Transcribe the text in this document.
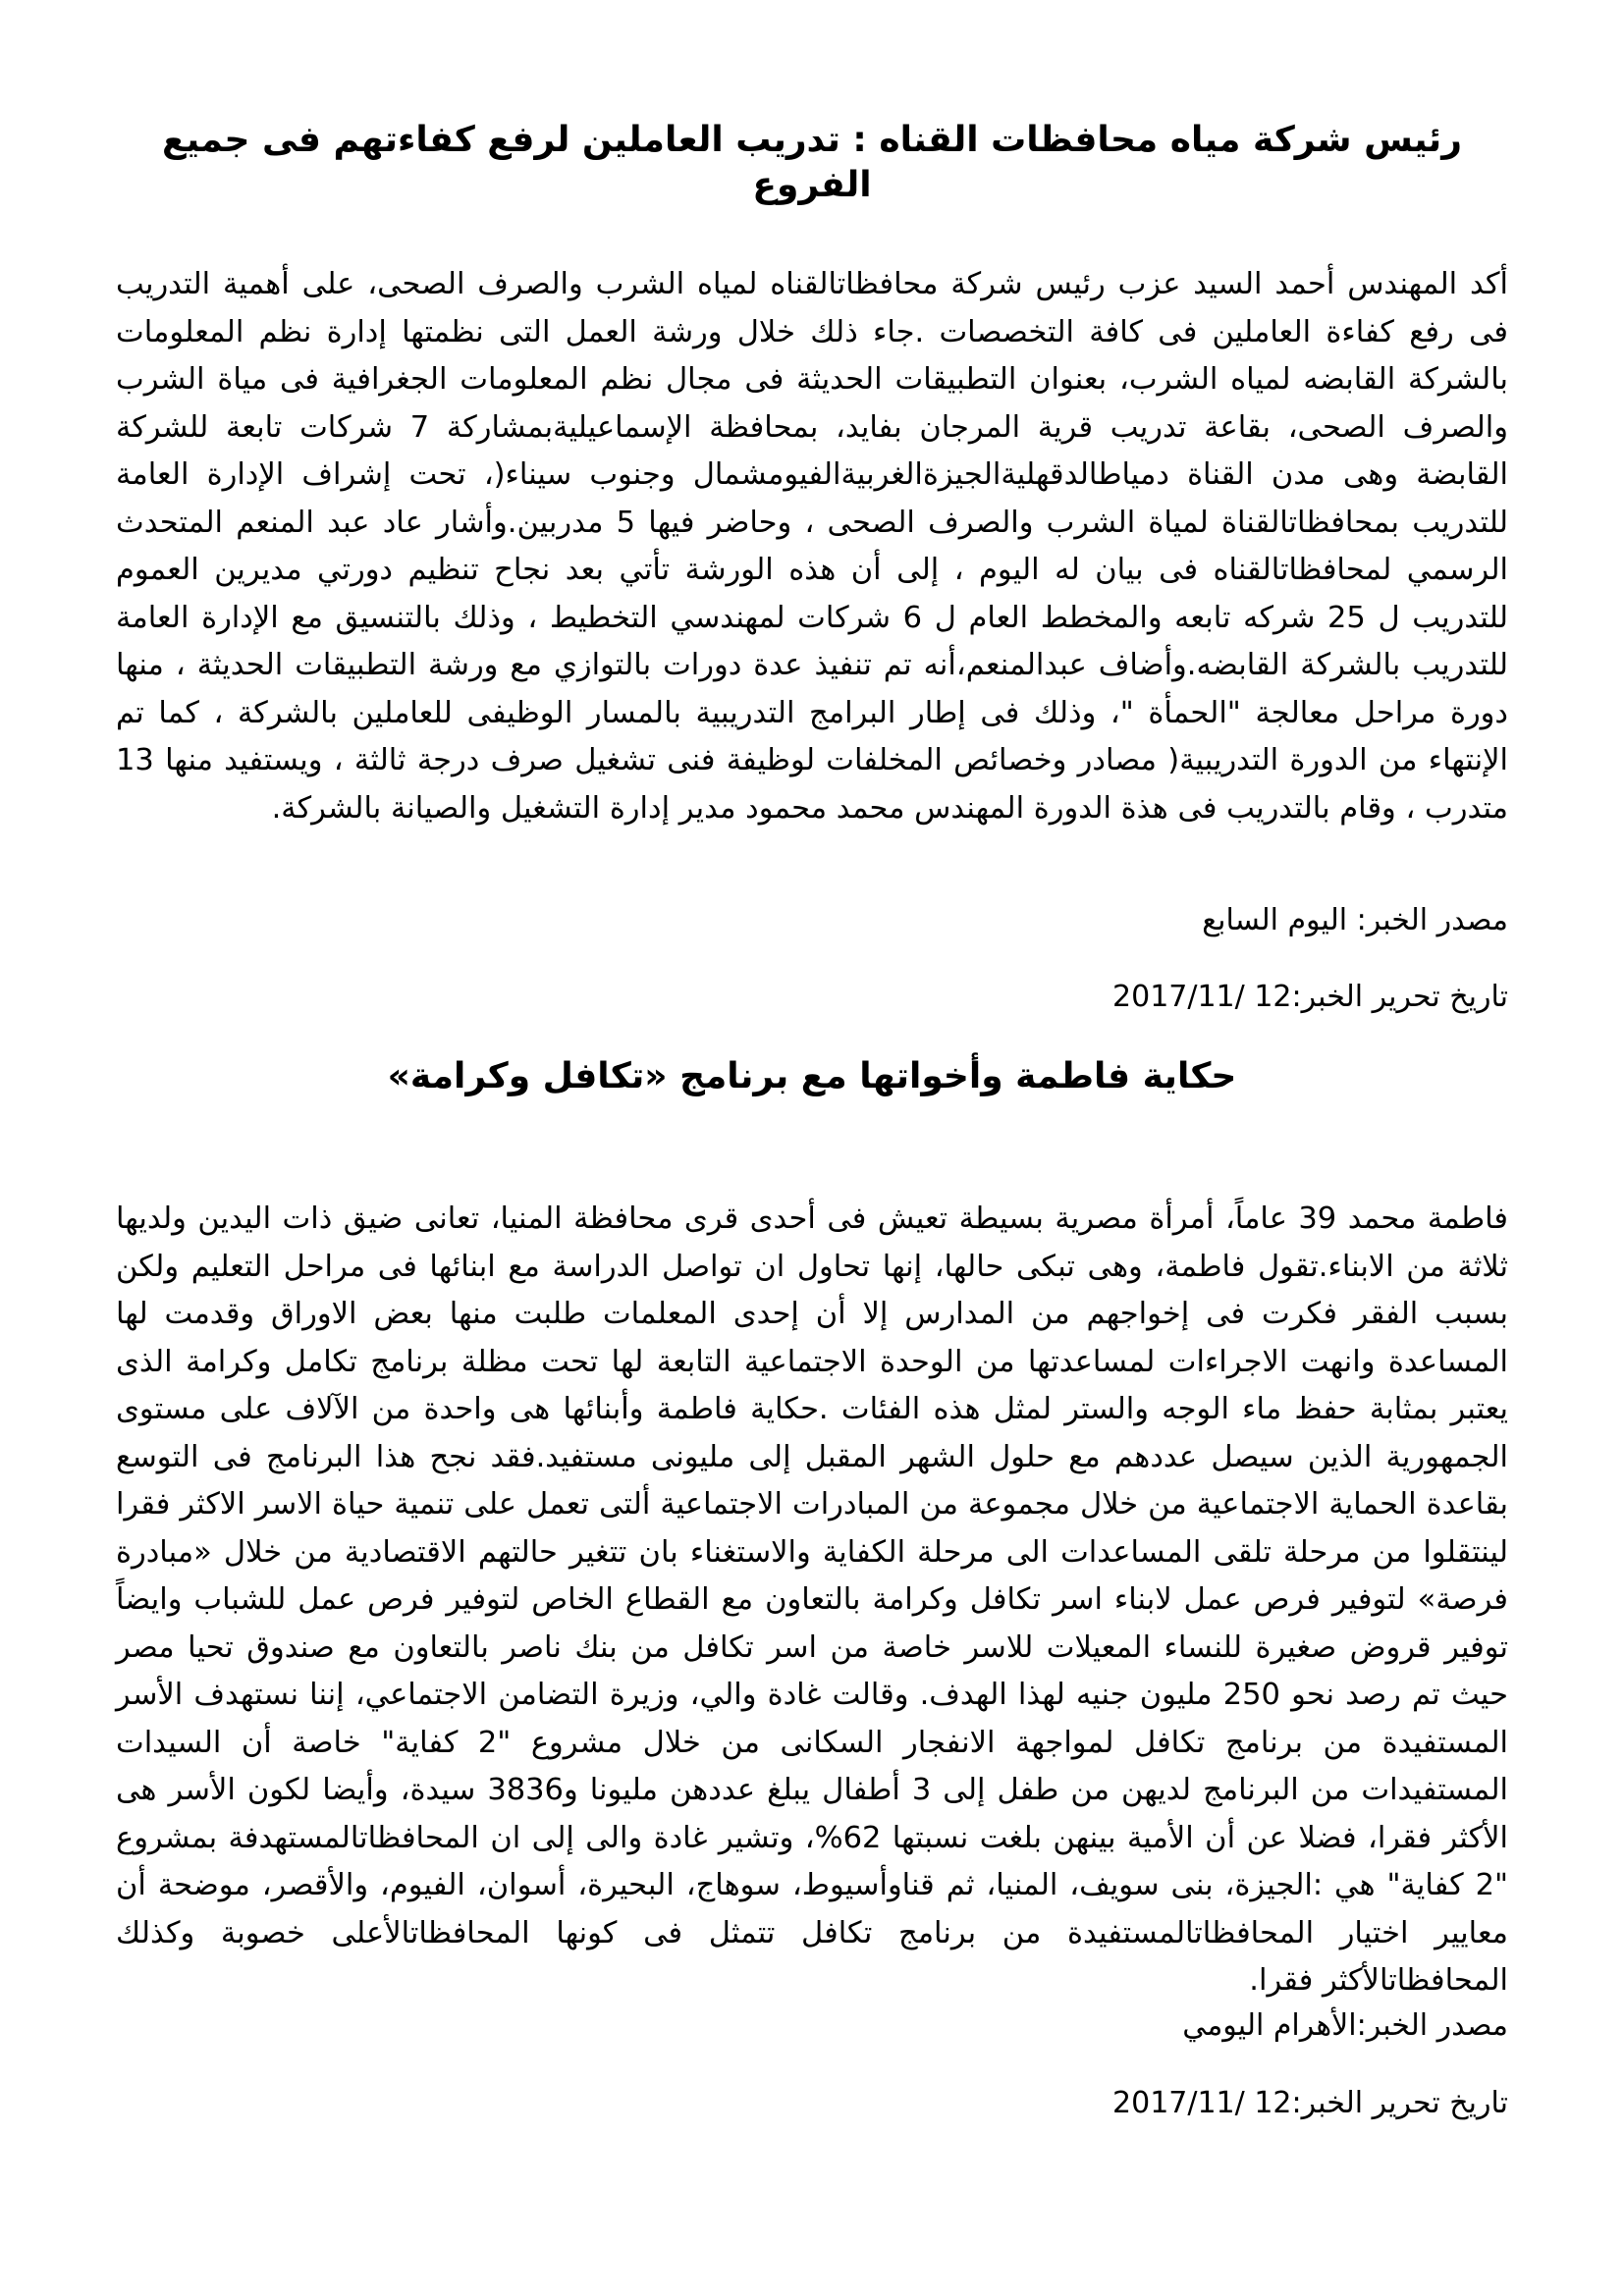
رئيس شركة مياه محافظات القناه : تدريب العاملين لرفع كفاءتهم فى جميع الفروع

أكد المهندس أحمد السيد عزب رئيس شركة محافظاتالقناه لمياه الشرب والصرف الصحى، على أهمية التدريب فى رفع كفاءة العاملين فى كافة التخصصات .جاء ذلك خلال ورشة العمل التى نظمتها إدارة نظم المعلومات بالشركة القابضه لمياه الشرب، بعنوان التطبيقات الحديثة فى مجال نظم المعلومات الجغرافية فى مياة الشرب والصرف الصحى، بقاعة تدريب قرية المرجان بفايد، بمحافظة الإسماعيليةبمشاركة 7 شركات تابعة للشركة القابضة وهى مدن القناة دمياطالدقهليةالجيزةالغربيةالفيومشمال وجنوب سيناء(، تحت إشراف الإدارة العامة للتدريب بمحافظاتالقناة لمياة الشرب والصرف الصحى ، وحاضر فيها 5 مدربين.وأشار عاد عبد المنعم المتحدث الرسمي لمحافظاتالقناه فى بيان له اليوم ، إلى أن هذه الورشة تأتي بعد نجاح تنظيم دورتي مديرين العموم للتدريب ل 25 شركه تابعه والمخطط العام ل 6 شركات لمهندسي التخطيط ، وذلك بالتنسيق مع الإدارة العامة للتدريب بالشركة القابضه.وأضاف عبدالمنعم،أنه تم تنفيذ عدة دورات بالتوازي مع ورشة التطبيقات الحديثة ، منها دورة مراحل معالجة "الحمأة "، وذلك فى إطار البرامج التدريبية بالمسار الوظيفى للعاملين بالشركة ، كما تم الإنتهاء من الدورة التدريبية( مصادر وخصائص المخلفات لوظيفة فنى تشغيل صرف درجة ثالثة ، ويستفيد منها 13 متدرب ، وقام بالتدريب فى هذة الدورة المهندس محمد محمود مدير إدارة التشغيل والصيانة بالشركة.

مصدر الخبر: اليوم السابع

تاريخ تحرير الخبر:12 /2017/11

حكاية فاطمة وأخواتها مع برنامج «تكافل وكرامة»

فاطمة محمد 39 عاماً، أمرأة مصرية بسيطة تعيش فى أحدى قرى محافظة المنيا، تعانى ضيق ذات اليدين ولديها ثلاثة من الابناء.تقول فاطمة، وهى تبكى حالها، إنها تحاول ان تواصل الدراسة مع ابنائها فى مراحل التعليم ولكن بسبب الفقر فكرت فى إخواجهم من المدارس إلا أن إحدى المعلمات طلبت منها بعض الاوراق وقدمت لها المساعدة وانهت الاجراءات لمساعدتها من الوحدة الاجتماعية التابعة لها تحت مظلة برنامج تكامل وكرامة الذى يعتبر بمثابة حفظ ماء الوجه والستر لمثل هذه الفئات .حكاية فاطمة وأبنائها هى واحدة من الآلاف على مستوى الجمهورية الذين سيصل عددهم مع حلول الشهر المقبل إلى مليونى مستفيد.فقد نجح هذا البرنامج فى التوسع بقاعدة الحماية الاجتماعية من خلال مجموعة من المبادرات الاجتماعية ألتى تعمل على تنمية حياة الاسر الاكثر فقرا لينتقلوا من مرحلة تلقى المساعدات الى مرحلة الكفاية والاستغناء بان تتغير حالتهم الاقتصادية من خلال «مبادرة فرصة» لتوفير فرص عمل لابناء اسر تكافل وكرامة بالتعاون مع القطاع الخاص لتوفير فرص عمل للشباب وايضاً توفير قروض صغيرة للنساء المعيلات للاسر خاصة من اسر تكافل من بنك ناصر بالتعاون مع صندوق تحيا مصر حيث تم رصد نحو 250 مليون جنيه لهذا الهدف. وقالت غادة والي، وزيرة التضامن الاجتماعي، إننا نستهدف الأسر المستفيدة من برنامج تكافل لمواجهة الانفجار السكانى من خلال مشروع "2 كفاية" خاصة أن السيدات المستفيدات من البرنامج لديهن من طفل إلى 3 أطفال يبلغ عددهن مليونا و3836 سيدة، وأيضا لكون الأسر هى الأكثر فقرا، فضلا عن أن الأمية بينهن بلغت نسبتها 62%، وتشير غادة والى إلى ان المحافظاتالمستهدفة بمشروع "2 كفاية" هي :الجيزة، بنى سويف، المنيا، ثم قناوأسيوط، سوهاج، البحيرة، أسوان، الفيوم، والأقصر، موضحة أن معايير اختيار المحافظاتالمستفيدة من برنامج تكافل تتمثل فى كونها المحافظاتالأعلى خصوبة وكذلك المحافظاتالأكثر فقرا.

مصدر الخبر:الأهرام اليومي

تاريخ تحرير الخبر:12 /2017/11
